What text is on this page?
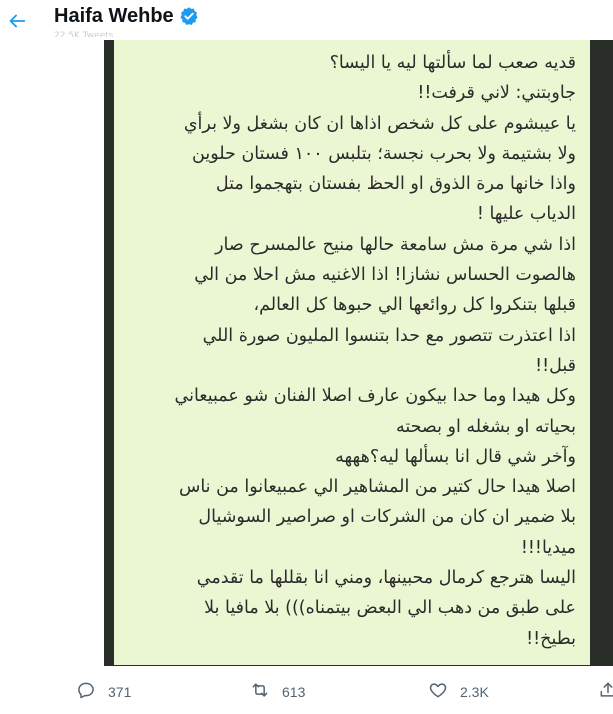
Haifa Wehbe
22.5K Tweets
قديه صعب لما سألتها ليه يا اليسا؟
جاوبتني: لاني قرفت!!
يا عيبشوم على كل شخص اذاها ان كان بشغل ولا برأي
ولا بشتيمة ولا بحرب نجسة؛ بتلبس ١٠٠ فستان حلوين
واذا خانها مرة الذوق او الحظ بفستان بتهجموا متل
الدياب عليها !
اذا شي مرة مش سامعة حالها منيح عالمسرح صار
هالصوت الحساس نشازا! اذا الاغنيه مش احلا من الي
قبلها بتنكروا كل روائعها الي حبوها كل العالم،
اذا اعتذرت تتصور مع حدا بتنسوا المليون صورة اللي
قبل!!
وكل هيدا وما حدا بيكون عارف اصلا الفنان شو عمبيعاني
بحياته او بشغله او بصحته
وآخر شي قال انا بسألها ليه؟هههه
اصلا هيدا حال كتير من المشاهير الي عمبيعانوا من ناس
بلا ضمير ان كان من الشركات او صراصير السوشيال
ميديا!!!
اليسا هترجع كرمال محبينها، ومني انا بقللها ما تقدمي
على طبق من دهب الي البعض بيتمناه))) بلا مافيا بلا
بطيخ!!
371	613	2.3K
